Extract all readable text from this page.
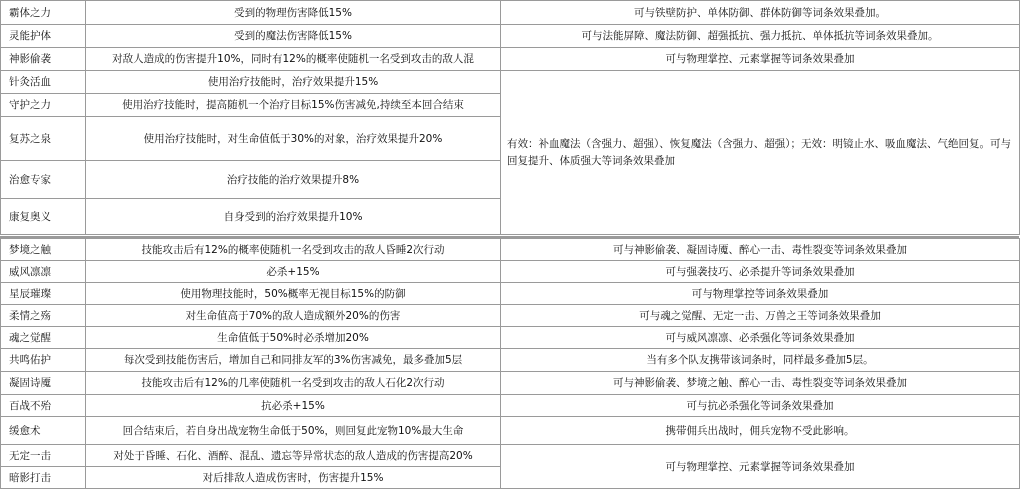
霸体之力	受到的物理伤害降低15%	可与铁壁防护、单体防御、群体防御等词条效果叠加。
灵能护体	受到的魔法伤害降低15%	可与法能屏障、魔法防御、超强抵抗、强力抵抗、单体抵抗等词条效果叠加。
神影偷袭	对敌人造成的伤害提升10%，同时有12%的概率使随机一名受到攻击的敌人混	可与物理掌控、元素掌握等词条效果叠加
针灸活血	使用治疗技能时，治疗效果提升15%	有效：补血魔法（含强力、超强）、恢复魔法（含强力、超强）；无效：明镜止水、吸血魔法、气绝回复。可与回复提升、体质强大等词条效果叠加
守护之力	使用治疗技能时，提高随机一个治疗目标15%伤害减免,持续至本回合结束	
复苏之泉	使用治疗技能时，对生命值低于30%的对象，治疗效果提升20%	
治愈专家	治疗技能的治疗效果提升8%	
康复奥义	自身受到的治疗效果提升10%	
梦境之触	技能攻击后有12%的概率使随机一名受到攻击的敌人昏睡2次行动	可与神影偷袭、凝固诗魇、醉心一击、毒性裂变等词条效果叠加
威风凛凛	必杀+15%	可与强袭技巧、必杀提升等词条效果叠加
星辰璀璨	使用物理技能时，50%概率无视目标15%的防御	可与物理掌控等词条效果叠加
柔情之殇	对生命值高于70%的敌人造成额外20%的伤害	可与魂之觉醒、无定一击、万兽之王等词条效果叠加
魂之觉醒	生命值低于50%时必杀增加20%	可与威风凛凛、必杀强化等词条效果叠加
共鸣佑护	每次受到技能伤害后，增加自己和同排友军的3%伤害减免，最多叠加5层	当有多个队友携带该词条时，同样最多叠加5层。
凝固诗魇	技能攻击后有12%的几率使随机一名受到攻击的敌人石化2次行动	可与神影偷袭、梦境之触、醉心一击、毒性裂变等词条效果叠加
百战不殆	抗必杀+15%	可与抗必杀强化等词条效果叠加
缓愈术	回合结束后，若自身出战宠物生命低于50%，则回复此宠物10%最大生命	携带佣兵出战时，佣兵宠物不受此影响。
无定一击	对处于昏睡、石化、酒醉、混乱、遗忘等异常状态的敌人造成的伤害提高20%	可与物理掌控、元素掌握等词条效果叠加
暗影打击	对后排敌人造成伤害时，伤害提升15%	
